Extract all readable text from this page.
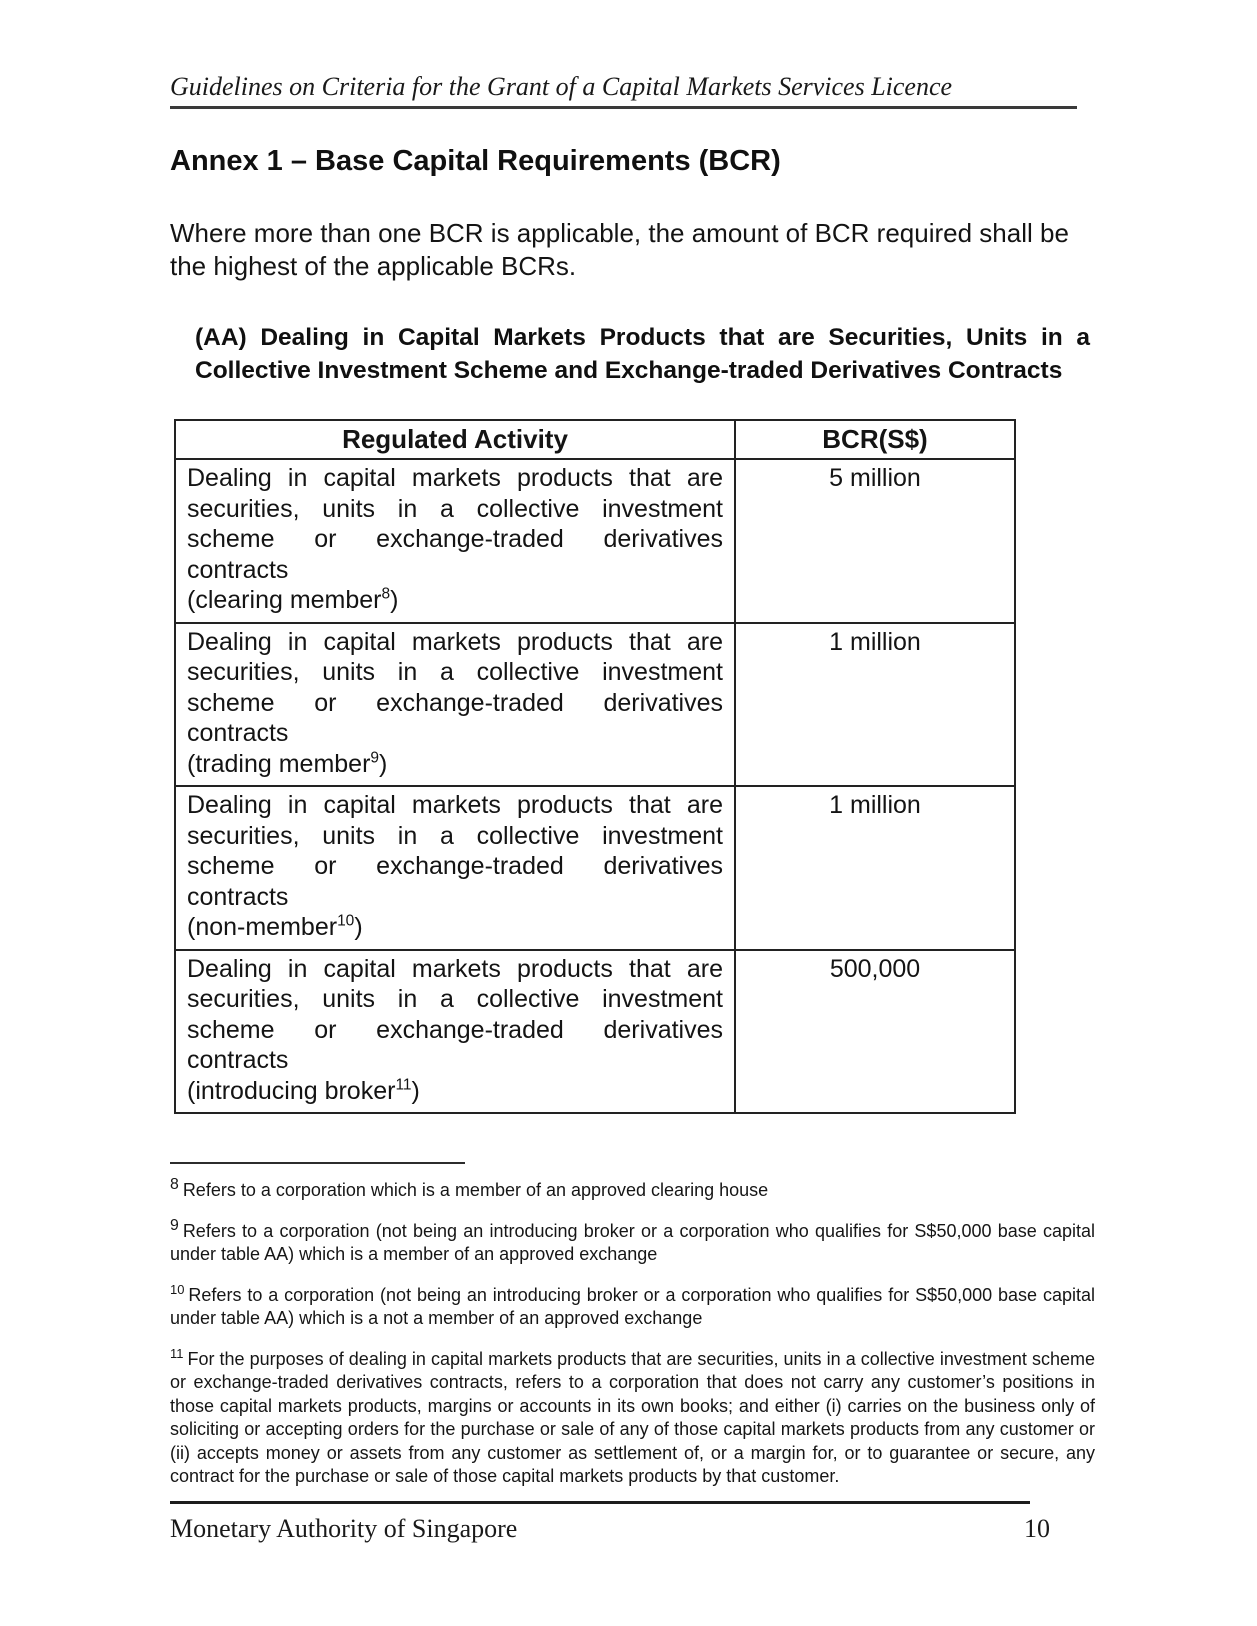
Guidelines on Criteria for the Grant of a Capital Markets Services Licence
Annex 1 – Base Capital Requirements (BCR)

Where more than one BCR is applicable, the amount of BCR required shall be the highest of the applicable BCRs.

(AA) Dealing in Capital Markets Products that are Securities, Units in a Collective Investment Scheme and Exchange-traded Derivatives Contracts

Regulated Activity	BCR(S$)

Dealing in capital markets products that are securities, units in a collective investment scheme or exchange-traded derivatives contracts
(clearing member$^8$)	5 million

Dealing in capital markets products that are securities, units in a collective investment scheme or exchange-traded derivatives contracts
(trading member$^9$)	1 million

Dealing in capital markets products that are securities, units in a collective investment scheme or exchange-traded derivatives contracts
(non-member$^{10}$)	1 million

Dealing in capital markets products that are securities, units in a collective investment scheme or exchange-traded derivatives contracts
(introducing broker$^{11}$)	500,000

$^8$ Refers to a corporation which is a member of an approved clearing house

$^9$ Refers to a corporation (not being an introducing broker or a corporation who qualifies for S$50,000 base capital under table AA) which is a member of an approved exchange

$^{10}$ Refers to a corporation (not being an introducing broker or a corporation who qualifies for S$50,000 base capital under table AA) which is a not a member of an approved exchange

$^{11}$ For the purposes of dealing in capital markets products that are securities, units in a collective investment scheme or exchange-traded derivatives contracts, refers to a corporation that does not carry any customer’s positions in those capital markets products, margins or accounts in its own books; and either (i) carries on the business only of soliciting or accepting orders for the purchase or sale of any of those capital markets products from any customer or (ii) accepts money or assets from any customer as settlement of, or a margin for, or to guarantee or secure, any contract for the purchase or sale of those capital markets products by that customer.

Monetary Authority of Singapore	10
